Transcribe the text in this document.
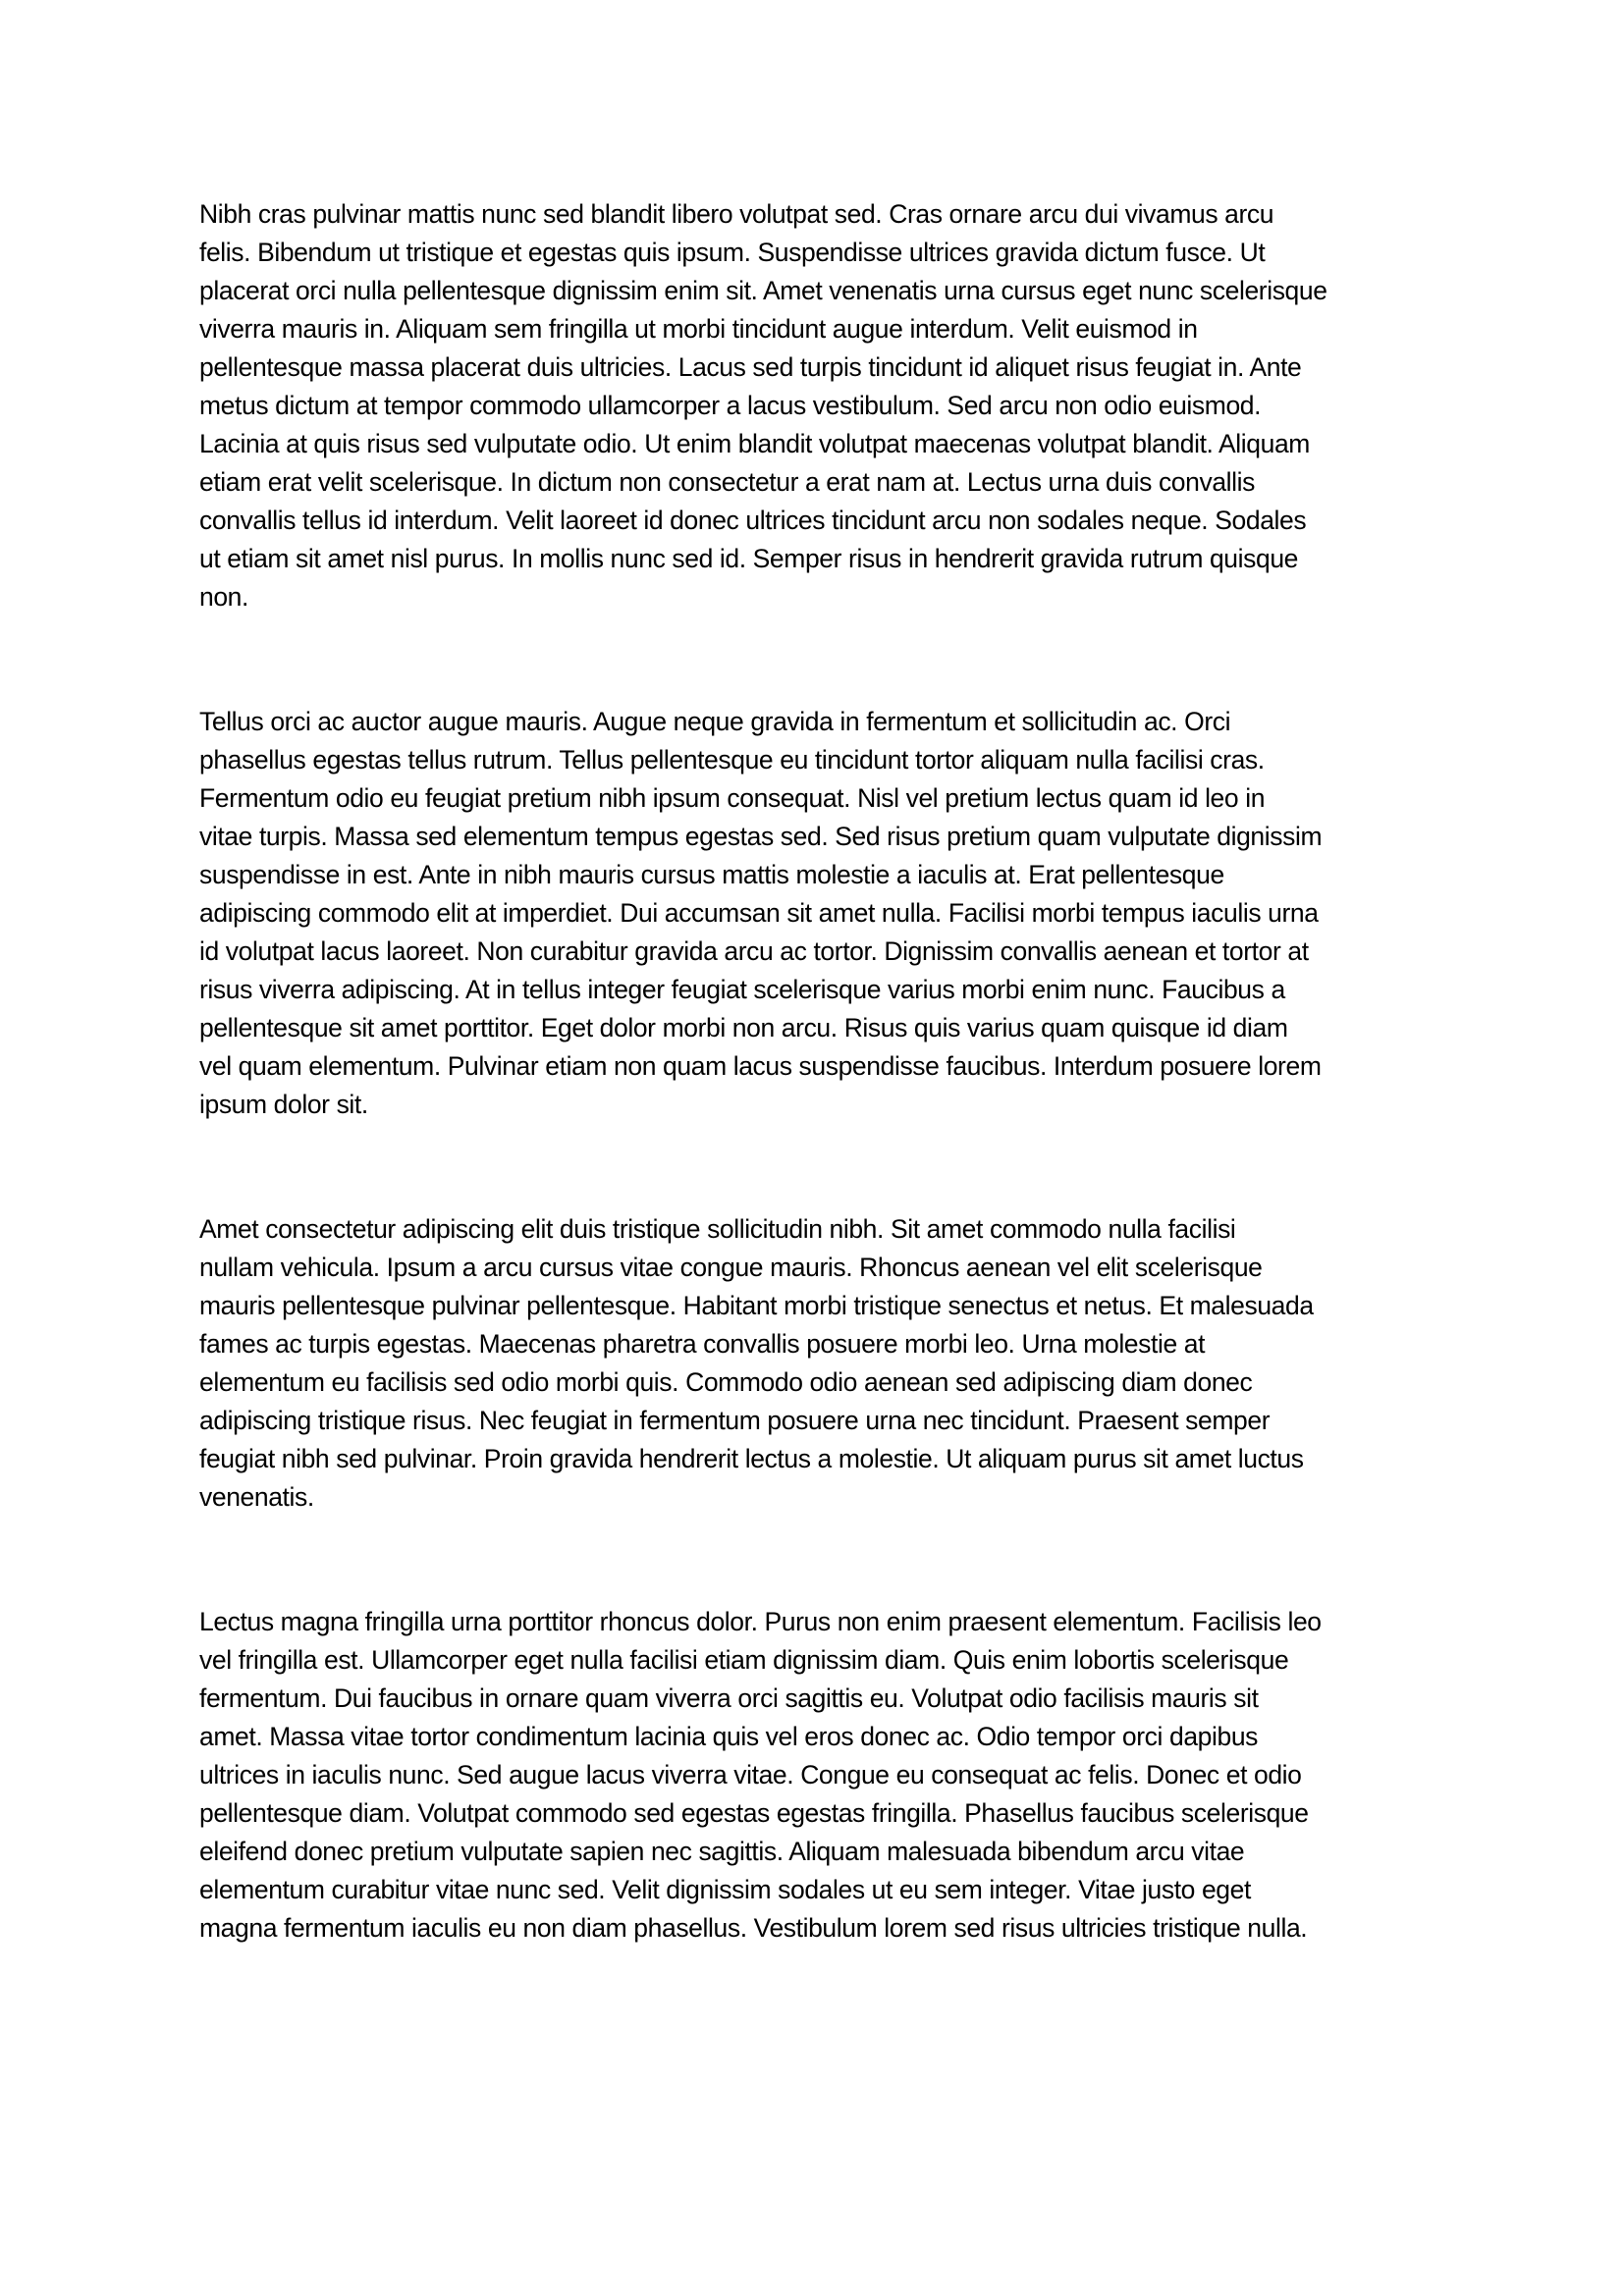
Nibh cras pulvinar mattis nunc sed blandit libero volutpat sed. Cras ornare arcu dui vivamus arcu
felis. Bibendum ut tristique et egestas quis ipsum. Suspendisse ultrices gravida dictum fusce. Ut
placerat orci nulla pellentesque dignissim enim sit. Amet venenatis urna cursus eget nunc scelerisque
viverra mauris in. Aliquam sem fringilla ut morbi tincidunt augue interdum. Velit euismod in
pellentesque massa placerat duis ultricies. Lacus sed turpis tincidunt id aliquet risus feugiat in. Ante
metus dictum at tempor commodo ullamcorper a lacus vestibulum. Sed arcu non odio euismod.
Lacinia at quis risus sed vulputate odio. Ut enim blandit volutpat maecenas volutpat blandit. Aliquam
etiam erat velit scelerisque. In dictum non consectetur a erat nam at. Lectus urna duis convallis
convallis tellus id interdum. Velit laoreet id donec ultrices tincidunt arcu non sodales neque. Sodales
ut etiam sit amet nisl purus. In mollis nunc sed id. Semper risus in hendrerit gravida rutrum quisque
non.

Tellus orci ac auctor augue mauris. Augue neque gravida in fermentum et sollicitudin ac. Orci
phasellus egestas tellus rutrum. Tellus pellentesque eu tincidunt tortor aliquam nulla facilisi cras.
Fermentum odio eu feugiat pretium nibh ipsum consequat. Nisl vel pretium lectus quam id leo in
vitae turpis. Massa sed elementum tempus egestas sed. Sed risus pretium quam vulputate dignissim
suspendisse in est. Ante in nibh mauris cursus mattis molestie a iaculis at. Erat pellentesque
adipiscing commodo elit at imperdiet. Dui accumsan sit amet nulla. Facilisi morbi tempus iaculis urna
id volutpat lacus laoreet. Non curabitur gravida arcu ac tortor. Dignissim convallis aenean et tortor at
risus viverra adipiscing. At in tellus integer feugiat scelerisque varius morbi enim nunc. Faucibus a
pellentesque sit amet porttitor. Eget dolor morbi non arcu. Risus quis varius quam quisque id diam
vel quam elementum. Pulvinar etiam non quam lacus suspendisse faucibus. Interdum posuere lorem
ipsum dolor sit.

Amet consectetur adipiscing elit duis tristique sollicitudin nibh. Sit amet commodo nulla facilisi
nullam vehicula. Ipsum a arcu cursus vitae congue mauris. Rhoncus aenean vel elit scelerisque
mauris pellentesque pulvinar pellentesque. Habitant morbi tristique senectus et netus. Et malesuada
fames ac turpis egestas. Maecenas pharetra convallis posuere morbi leo. Urna molestie at
elementum eu facilisis sed odio morbi quis. Commodo odio aenean sed adipiscing diam donec
adipiscing tristique risus. Nec feugiat in fermentum posuere urna nec tincidunt. Praesent semper
feugiat nibh sed pulvinar. Proin gravida hendrerit lectus a molestie. Ut aliquam purus sit amet luctus
venenatis.

Lectus magna fringilla urna porttitor rhoncus dolor. Purus non enim praesent elementum. Facilisis leo
vel fringilla est. Ullamcorper eget nulla facilisi etiam dignissim diam. Quis enim lobortis scelerisque
fermentum. Dui faucibus in ornare quam viverra orci sagittis eu. Volutpat odio facilisis mauris sit
amet. Massa vitae tortor condimentum lacinia quis vel eros donec ac. Odio tempor orci dapibus
ultrices in iaculis nunc. Sed augue lacus viverra vitae. Congue eu consequat ac felis. Donec et odio
pellentesque diam. Volutpat commodo sed egestas egestas fringilla. Phasellus faucibus scelerisque
eleifend donec pretium vulputate sapien nec sagittis. Aliquam malesuada bibendum arcu vitae
elementum curabitur vitae nunc sed. Velit dignissim sodales ut eu sem integer. Vitae justo eget
magna fermentum iaculis eu non diam phasellus. Vestibulum lorem sed risus ultricies tristique nulla.
